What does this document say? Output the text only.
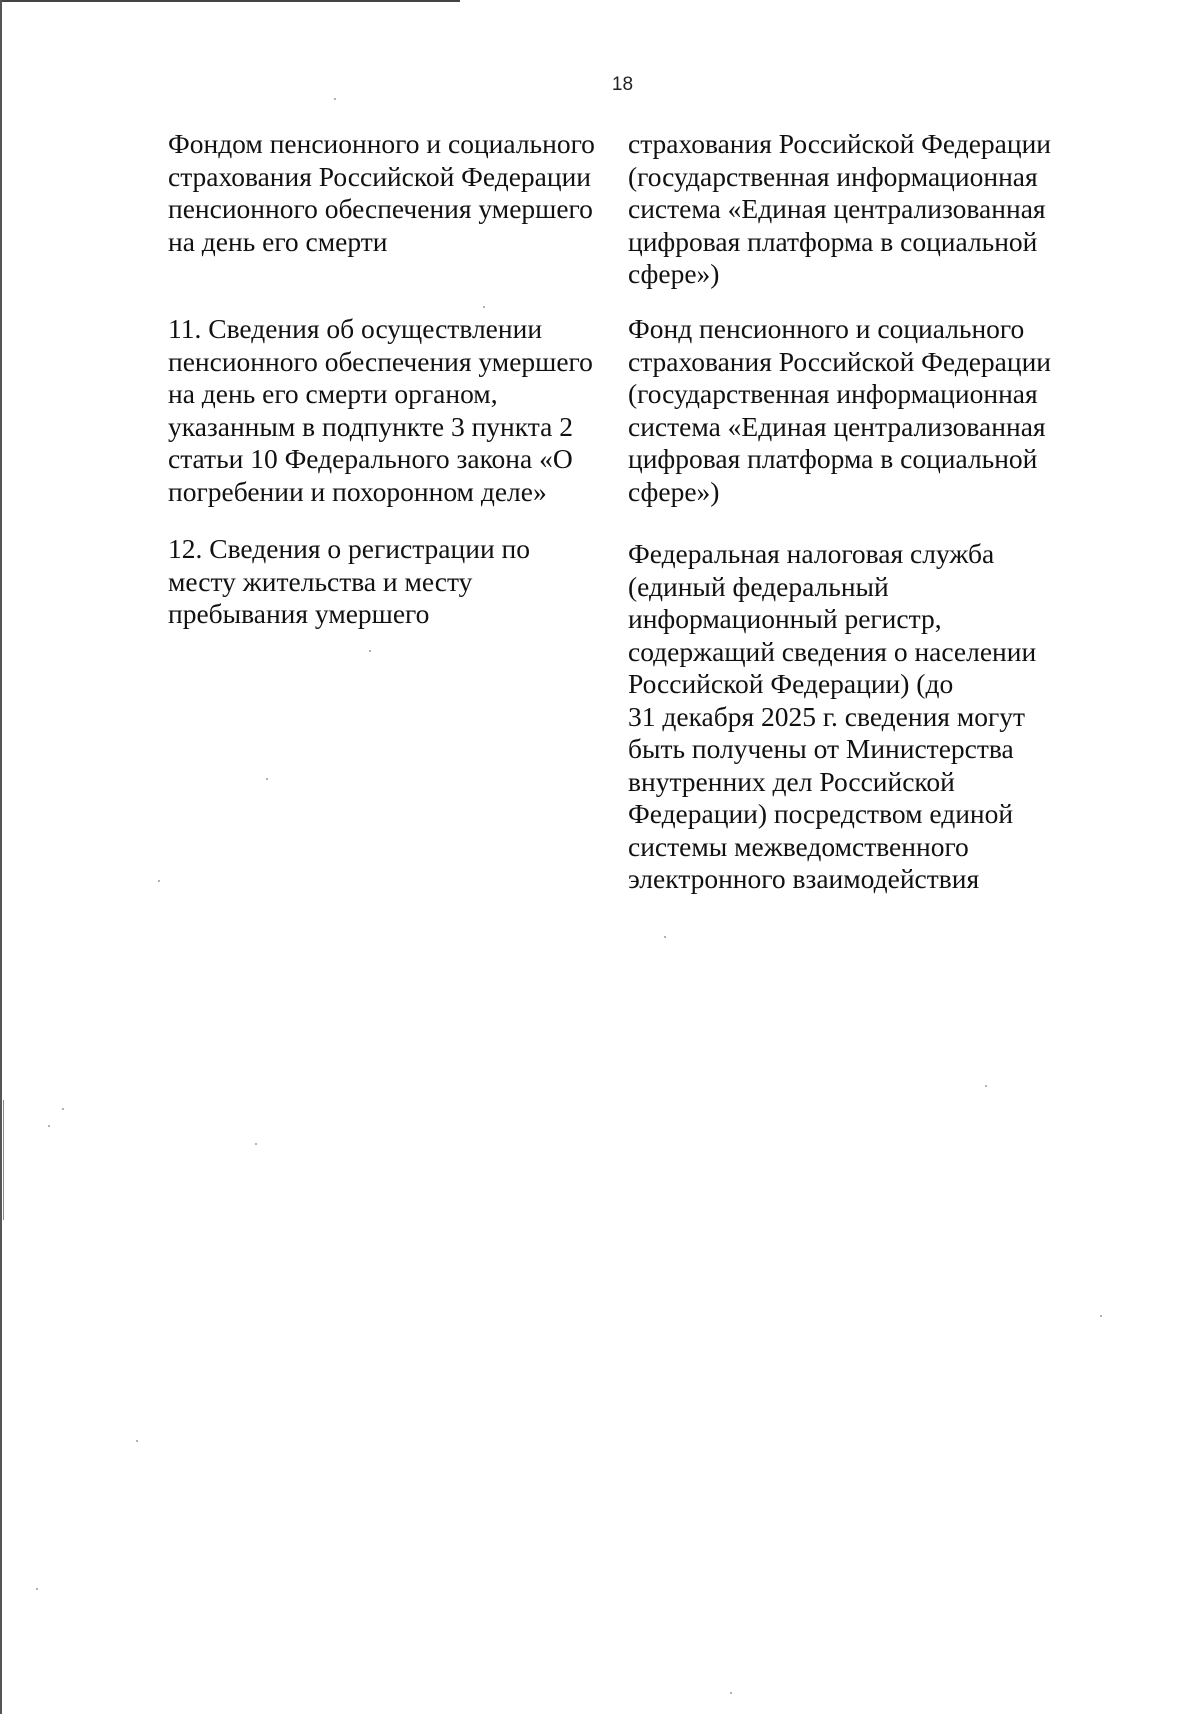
18
Фондом пенсионного и социального
страхования Российской Федерации
пенсионного обеспечения умершего
на день его смерти
страхования Российской Федерации
(государственная информационная
система «Единая централизованная
цифровая платформа в социальной
сфере»)
11. Сведения об осуществлении
пенсионного обеспечения умершего
на день его смерти органом,
указанным в подпункте 3 пункта 2
статьи 10 Федерального закона «О
погребении и похоронном деле»
Фонд пенсионного и социального
страхования Российской Федерации
(государственная информационная
система «Единая централизованная
цифровая платформа в социальной
сфере»)
12. Сведения о регистрации по
месту жительства и месту
пребывания умершего
Федеральная налоговая служба
(единый федеральный
информационный регистр,
содержащий сведения о населении
Российской Федерации) (до
31 декабря 2025 г. сведения могут
быть получены от Министерства
внутренних дел Российской
Федерации) посредством единой
системы межведомственного
электронного взаимодействия
